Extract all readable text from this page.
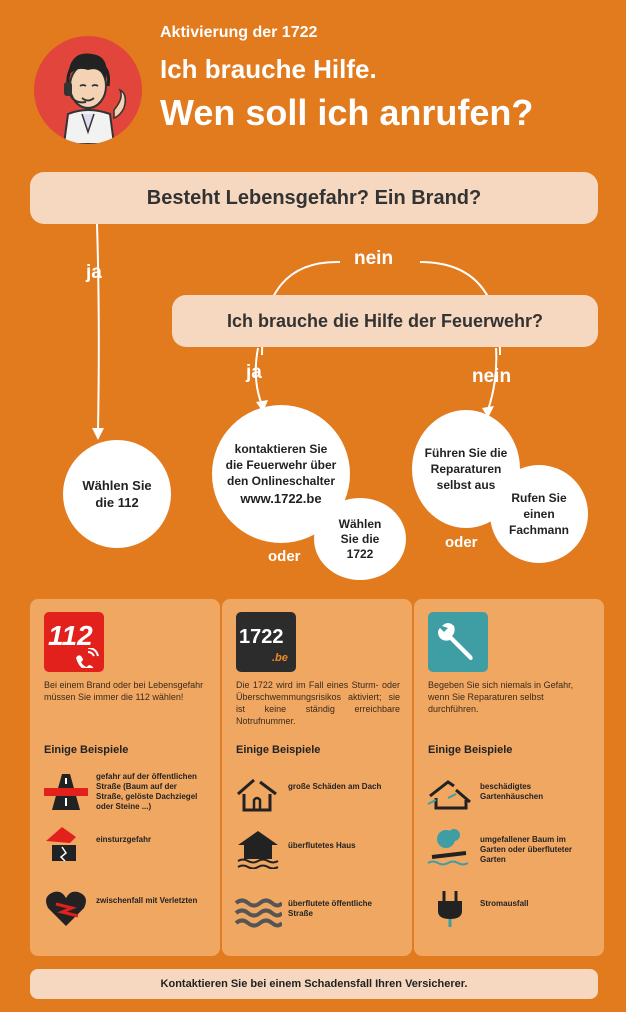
Aktivierung der 1722
Ich brauche Hilfe.
Wen soll ich anrufen?
Besteht Lebensgefahr? Ein Brand?
Ich brauche die Hilfe der Feuerwehr?
ja
nein
ja	nein
Wählen Sie die 112
kontaktieren Sie die Feuerwehr über den Onlineschalter
www.1722.be
Wählen Sie die 1722
oder
Führen Sie die Reparaturen selbst aus
Rufen Sie einen Fachmann
oder
112
Bei einem Brand oder bei Lebensgefahr müssen Sie immer die 112 wählen!
Einige Beispiele
gefahr auf der öffentlichen Straße (Baum auf der Straße, gelöste Dachziegel oder Steine ...)
einsturzgefahr
zwischenfall mit Verletzten
1722
.be
Die 1722 wird im Fall eines Sturm- oder Überschwemmungsrisikos aktiviert; sie ist keine ständig erreichbare Notrufnummer.
Einige Beispiele
große Schäden am Dach
überflutetes Haus
überflutete öffentliche Straße
Begeben Sie sich niemals in Gefahr, wenn Sie Reparaturen selbst durchführen.
Einige Beispiele
beschädigtes Gartenhäuschen
umgefallener Baum im Garten oder überfluteter Garten
Stromausfall
Kontaktieren Sie bei einem Schadensfall Ihren Versicherer.
